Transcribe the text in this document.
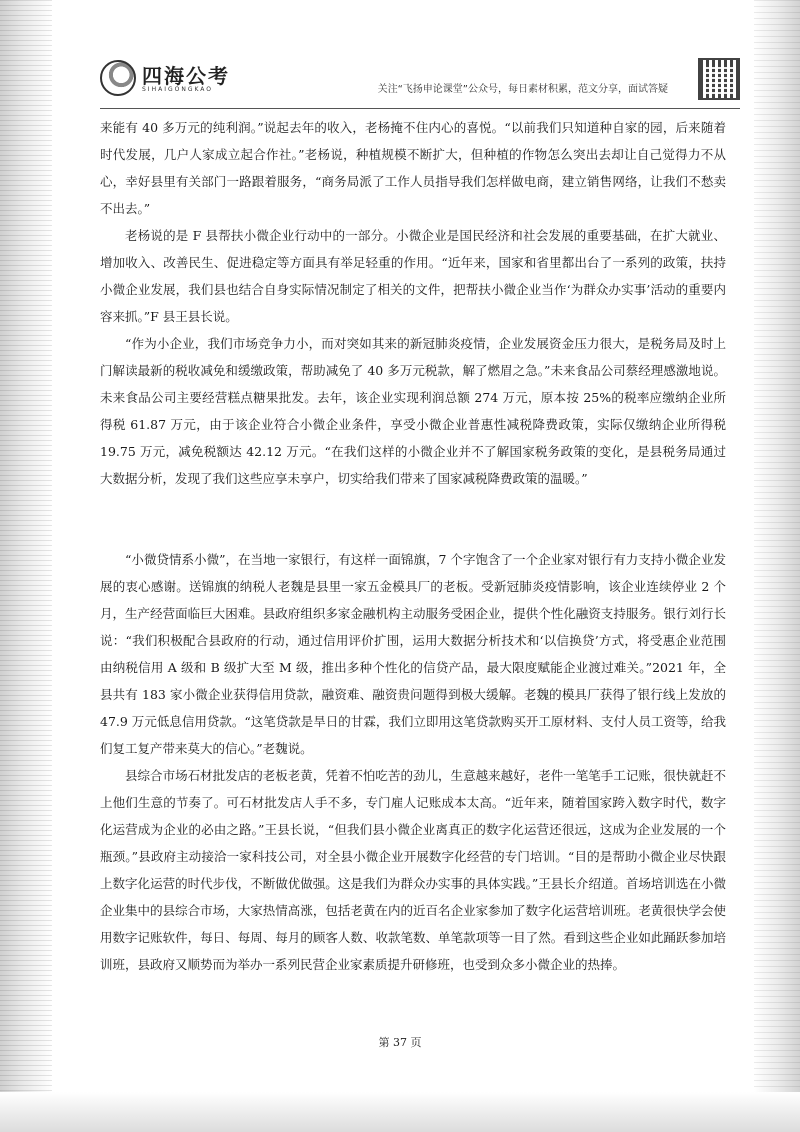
四海公考
SIHAIGONGKAO	关注“飞扬申论课堂”公众号，每日素材积累，范文分享，面试答疑

来能有 40 多万元的纯利润。”说起去年的收入，老杨掩不住内心的喜悦。“以前我们只知道种自家的园，后来随着时代发展，几户人家成立起合作社。”老杨说，种植规模不断扩大，但种植的作物怎么突出去却让自己觉得力不从心，幸好县里有关部门一路跟着服务，“商务局派了工作人员指导我们怎样做电商，建立销售网络，让我们不愁卖不出去。”

老杨说的是 F 县帮扶小微企业行动中的一部分。小微企业是国民经济和社会发展的重要基础，在扩大就业、增加收入、改善民生、促进稳定等方面具有举足轻重的作用。“近年来，国家和省里都出台了一系列的政策，扶持小微企业发展，我们县也结合自身实际情况制定了相关的文件，把帮扶小微企业当作‘为群众办实事’活动的重要内容来抓。”F 县王县长说。

“作为小企业，我们市场竞争力小，而对突如其来的新冠肺炎疫情，企业发展资金压力很大，是税务局及时上门解读最新的税收减免和缓缴政策，帮助减免了 40 多万元税款，解了燃眉之急。”未来食品公司蔡经理感激地说。未来食品公司主要经营糕点糖果批发。去年，该企业实现利润总额 274 万元，原本按 25%的税率应缴纳企业所得税 61.87 万元，由于该企业符合小微企业条件，享受小微企业普惠性减税降费政策，实际仅缴纳企业所得税 19.75 万元，减免税额达 42.12 万元。“在我们这样的小微企业并不了解国家税务政策的变化，是县税务局通过大数据分析，发现了我们这些应享未享户，切实给我们带来了国家减税降费政策的温暖。”

“小微贷情系小微”，在当地一家银行，有这样一面锦旗，7 个字饱含了一个企业家对银行有力支持小微企业发展的衷心感谢。送锦旗的纳税人老魏是县里一家五金模具厂的老板。受新冠肺炎疫情影响，该企业连续停业 2 个月，生产经营面临巨大困难。县政府组织多家金融机构主动服务受困企业，提供个性化融资支持服务。银行刘行长说：“我们积极配合县政府的行动，通过信用评价扩围，运用大数据分析技术和‘以信换贷’方式，将受惠企业范围由纳税信用 A 级和 B 级扩大至 M 级，推出多种个性化的信贷产品，最大限度赋能企业渡过难关。”2021 年，全县共有 183 家小微企业获得信用贷款，融资难、融资贵问题得到极大缓解。老魏的模具厂获得了银行线上发放的 47.9 万元低息信用贷款。“这笔贷款是旱日的甘霖，我们立即用这笔贷款购买开工原材料、支付人员工资等，给我们复工复产带来莫大的信心。”老魏说。

县综合市场石材批发店的老板老黄，凭着不怕吃苦的劲儿，生意越来越好，老件一笔笔手工记账，很快就赶不上他们生意的节奏了。可石材批发店人手不多，专门雇人记账成本太高。“近年来，随着国家跨入数字时代，数字化运营成为企业的必由之路。”王县长说，“但我们县小微企业离真正的数字化运营还很远，这成为企业发展的一个瓶颈。”县政府主动接洽一家科技公司，对全县小微企业开展数字化经营的专门培训。“目的是帮助小微企业尽快跟上数字化运营的时代步伐，不断做优做强。这是我们为群众办实事的具体实践。”王县长介绍道。首场培训选在小微企业集中的县综合市场，大家热情高涨，包括老黄在内的近百名企业家参加了数字化运营培训班。老黄很快学会使用数字记账软件，每日、每周、每月的顾客人数、收款笔数、单笔款项等一目了然。看到这些企业如此踊跃参加培训班，县政府又顺势而为举办一系列民营企业家素质提升研修班，也受到众多小微企业的热捧。

第 37 页
